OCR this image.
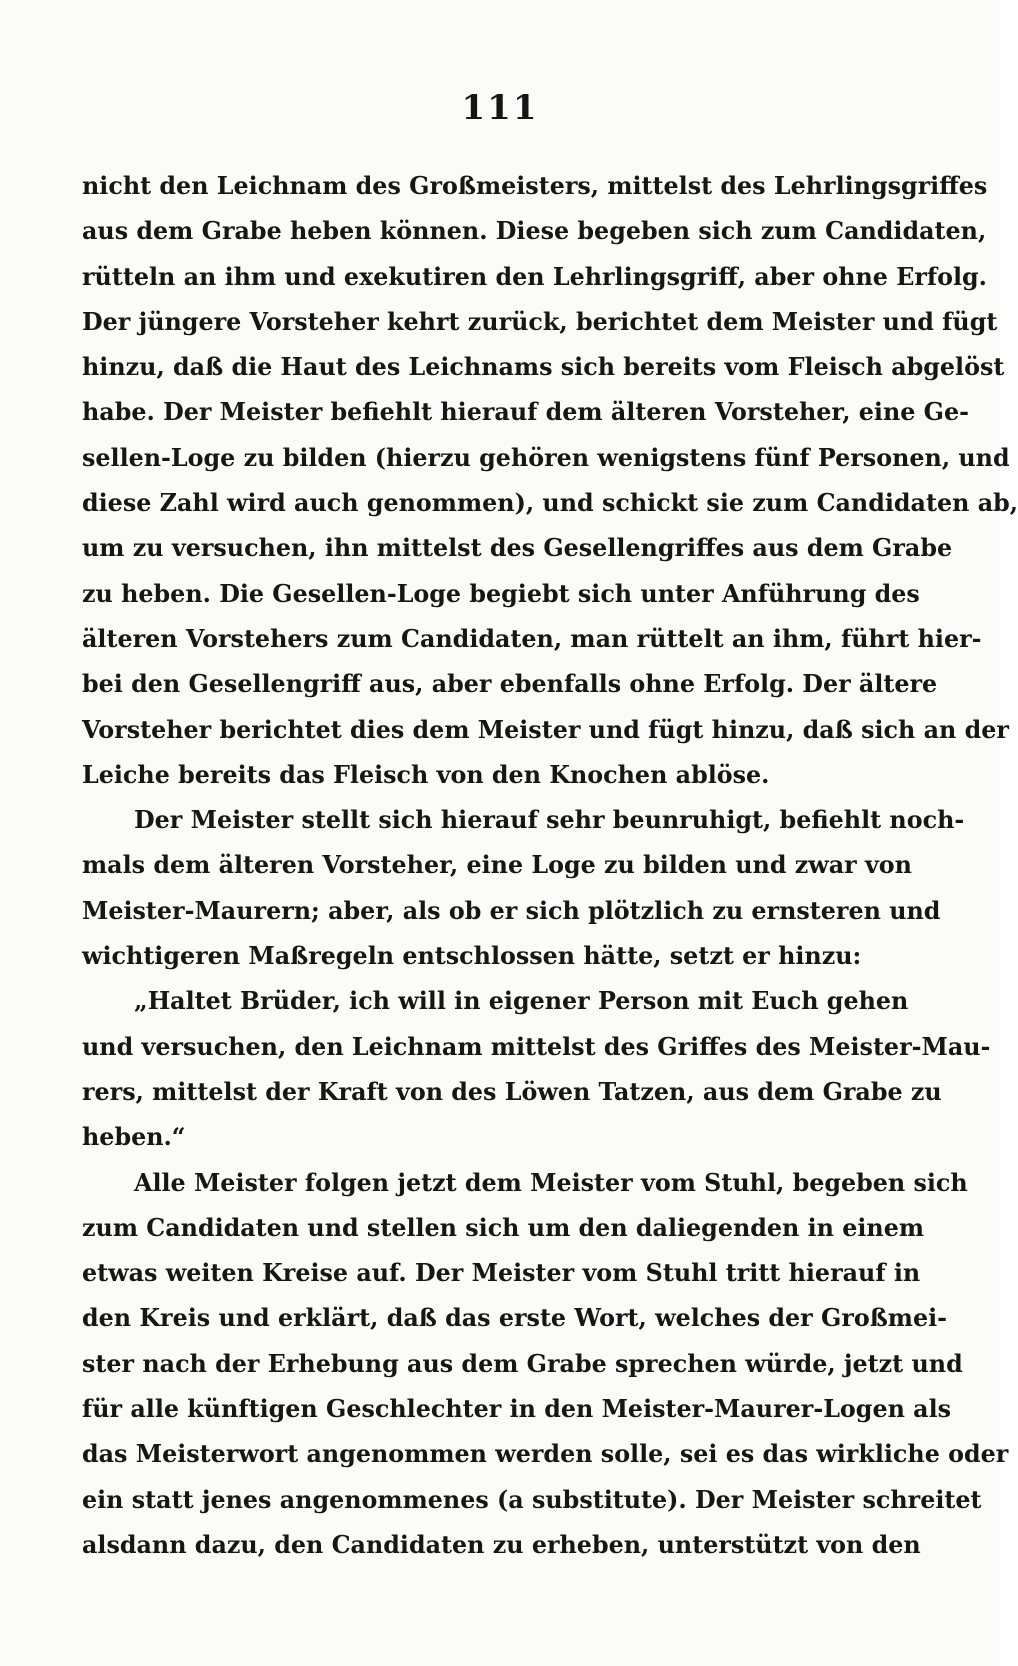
111
nicht den Leichnam des Großmeisters, mittelst des Lehrlingsgriffes
aus dem Grabe heben können. Diese begeben sich zum Candidaten,
rütteln an ihm und exekutiren den Lehrlingsgriff, aber ohne Erfolg.
Der jüngere Vorsteher kehrt zurück, berichtet dem Meister und fügt
hinzu, daß die Haut des Leichnams sich bereits vom Fleisch abgelöst
habe. Der Meister befiehlt hierauf dem älteren Vorsteher, eine Ge-
sellen-Loge zu bilden (hierzu gehören wenigstens fünf Personen, und
diese Zahl wird auch genommen), und schickt sie zum Candidaten ab,
um zu versuchen, ihn mittelst des Gesellengriffes aus dem Grabe
zu heben. Die Gesellen-Loge begiebt sich unter Anführung des
älteren Vorstehers zum Candidaten, man rüttelt an ihm, führt hier-
bei den Gesellengriff aus, aber ebenfalls ohne Erfolg. Der ältere
Vorsteher berichtet dies dem Meister und fügt hinzu, daß sich an der
Leiche bereits das Fleisch von den Knochen ablöse.
Der Meister stellt sich hierauf sehr beunruhigt, befiehlt noch-
mals dem älteren Vorsteher, eine Loge zu bilden und zwar von
Meister-Maurern; aber, als ob er sich plötzlich zu ernsteren und
wichtigeren Maßregeln entschlossen hätte, setzt er hinzu:
„Haltet Brüder, ich will in eigener Person mit Euch gehen
und versuchen, den Leichnam mittelst des Griffes des Meister-Mau-
rers, mittelst der Kraft von des Löwen Tatzen, aus dem Grabe zu
heben.“
Alle Meister folgen jetzt dem Meister vom Stuhl, begeben sich
zum Candidaten und stellen sich um den daliegenden in einem
etwas weiten Kreise auf. Der Meister vom Stuhl tritt hierauf in
den Kreis und erklärt, daß das erste Wort, welches der Großmei-
ster nach der Erhebung aus dem Grabe sprechen würde, jetzt und
für alle künftigen Geschlechter in den Meister-Maurer-Logen als
das Meisterwort angenommen werden solle, sei es das wirkliche oder
ein statt jenes angenommenes (a substitute). Der Meister schreitet
alsdann dazu, den Candidaten zu erheben, unterstützt von den
